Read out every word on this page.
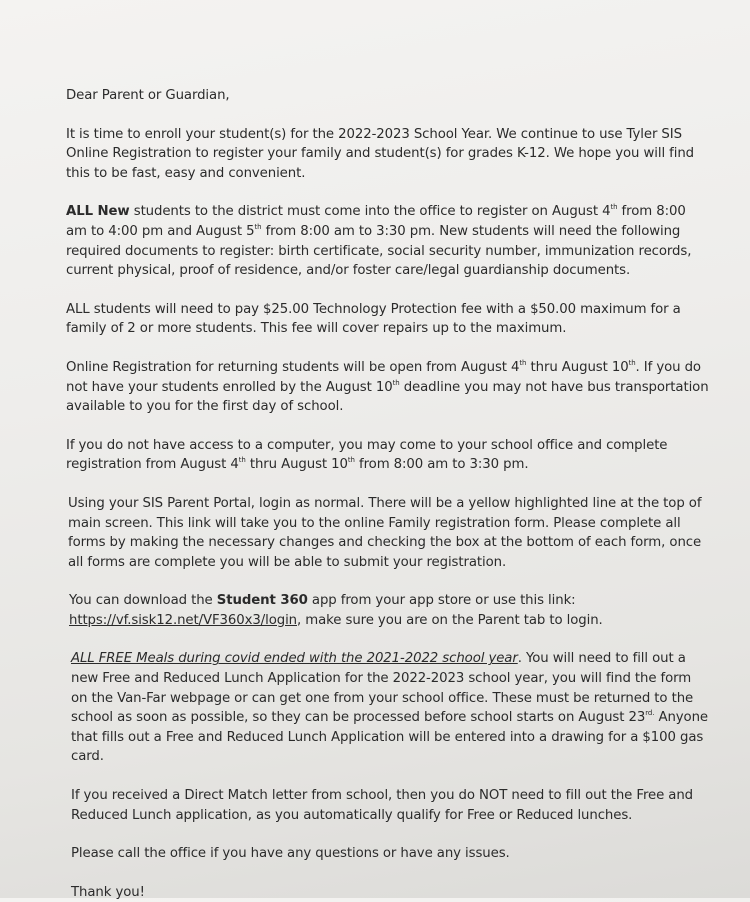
Dear Parent or Guardian,

It is time to enroll your student(s) for the 2022-2023 School Year. We continue to use Tyler SIS Online Registration to register your family and student(s) for grades K-12. We hope you will find this to be fast, easy and convenient.

ALL New students to the district must come into the office to register on August 4th from 8:00 am to 4:00 pm and August 5th from 8:00 am to 3:30 pm. New students will need the following required documents to register: birth certificate, social security number, immunization records, current physical, proof of residence, and/or foster care/legal guardianship documents.

ALL students will need to pay $25.00 Technology Protection fee with a $50.00 maximum for a family of 2 or more students. This fee will cover repairs up to the maximum.

Online Registration for returning students will be open from August 4th thru August 10th. If you do not have your students enrolled by the August 10th deadline you may not have bus transportation available to you for the first day of school.

If you do not have access to a computer, you may come to your school office and complete registration from August 4th thru August 10th from 8:00 am to 3:30 pm.

Using your SIS Parent Portal, login as normal. There will be a yellow highlighted line at the top of main screen. This link will take you to the online Family registration form. Please complete all forms by making the necessary changes and checking the box at the bottom of each form, once all forms are complete you will be able to submit your registration.

You can download the Student 360 app from your app store or use this link:
https://vf.sisk12.net/VF360x3/login, make sure you are on the Parent tab to login.

ALL FREE Meals during covid ended with the 2021-2022 school year. You will need to fill out a new Free and Reduced Lunch Application for the 2022-2023 school year, you will find the form on the Van-Far webpage or can get one from your school office. These must be returned to the school as soon as possible, so they can be processed before school starts on August $23^{rd.}$ Anyone that fills out a Free and Reduced Lunch Application will be entered into a drawing for a $100 gas card.

If you received a Direct Match letter from school, then you do NOT need to fill out the Free and Reduced Lunch application, as you automatically qualify for Free or Reduced lunches.

Please call the office if you have any questions or have any issues.

Thank you!
